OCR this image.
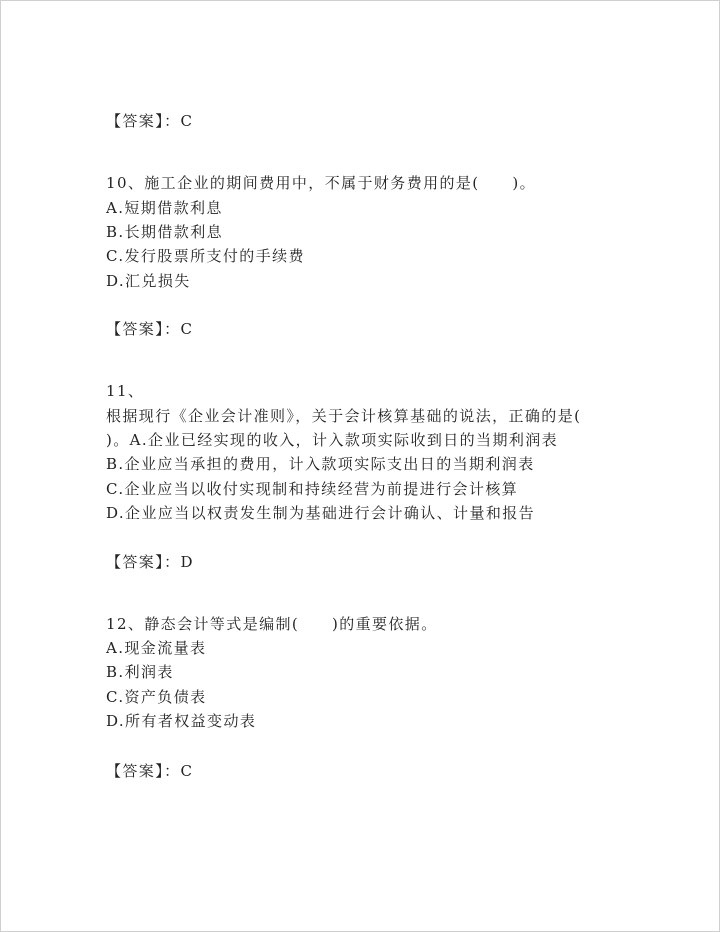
【答案】：C
10、施工企业的期间费用中，不属于财务费用的是(　　)。
A.短期借款利息
B.长期借款利息
C.发行股票所支付的手续费
D.汇兑损失
【答案】：C
11、
根据现行《企业会计准则》，关于会计核算基础的说法，正确的是(
)。A.企业已经实现的收入，计入款项实际收到日的当期利润表
B.企业应当承担的费用，计入款项实际支出日的当期利润表
C.企业应当以收付实现制和持续经营为前提进行会计核算
D.企业应当以权责发生制为基础进行会计确认、计量和报告
【答案】：D
12、静态会计等式是编制(　　)的重要依据。
A.现金流量表
B.利润表
C.资产负债表
D.所有者权益变动表
【答案】：C
